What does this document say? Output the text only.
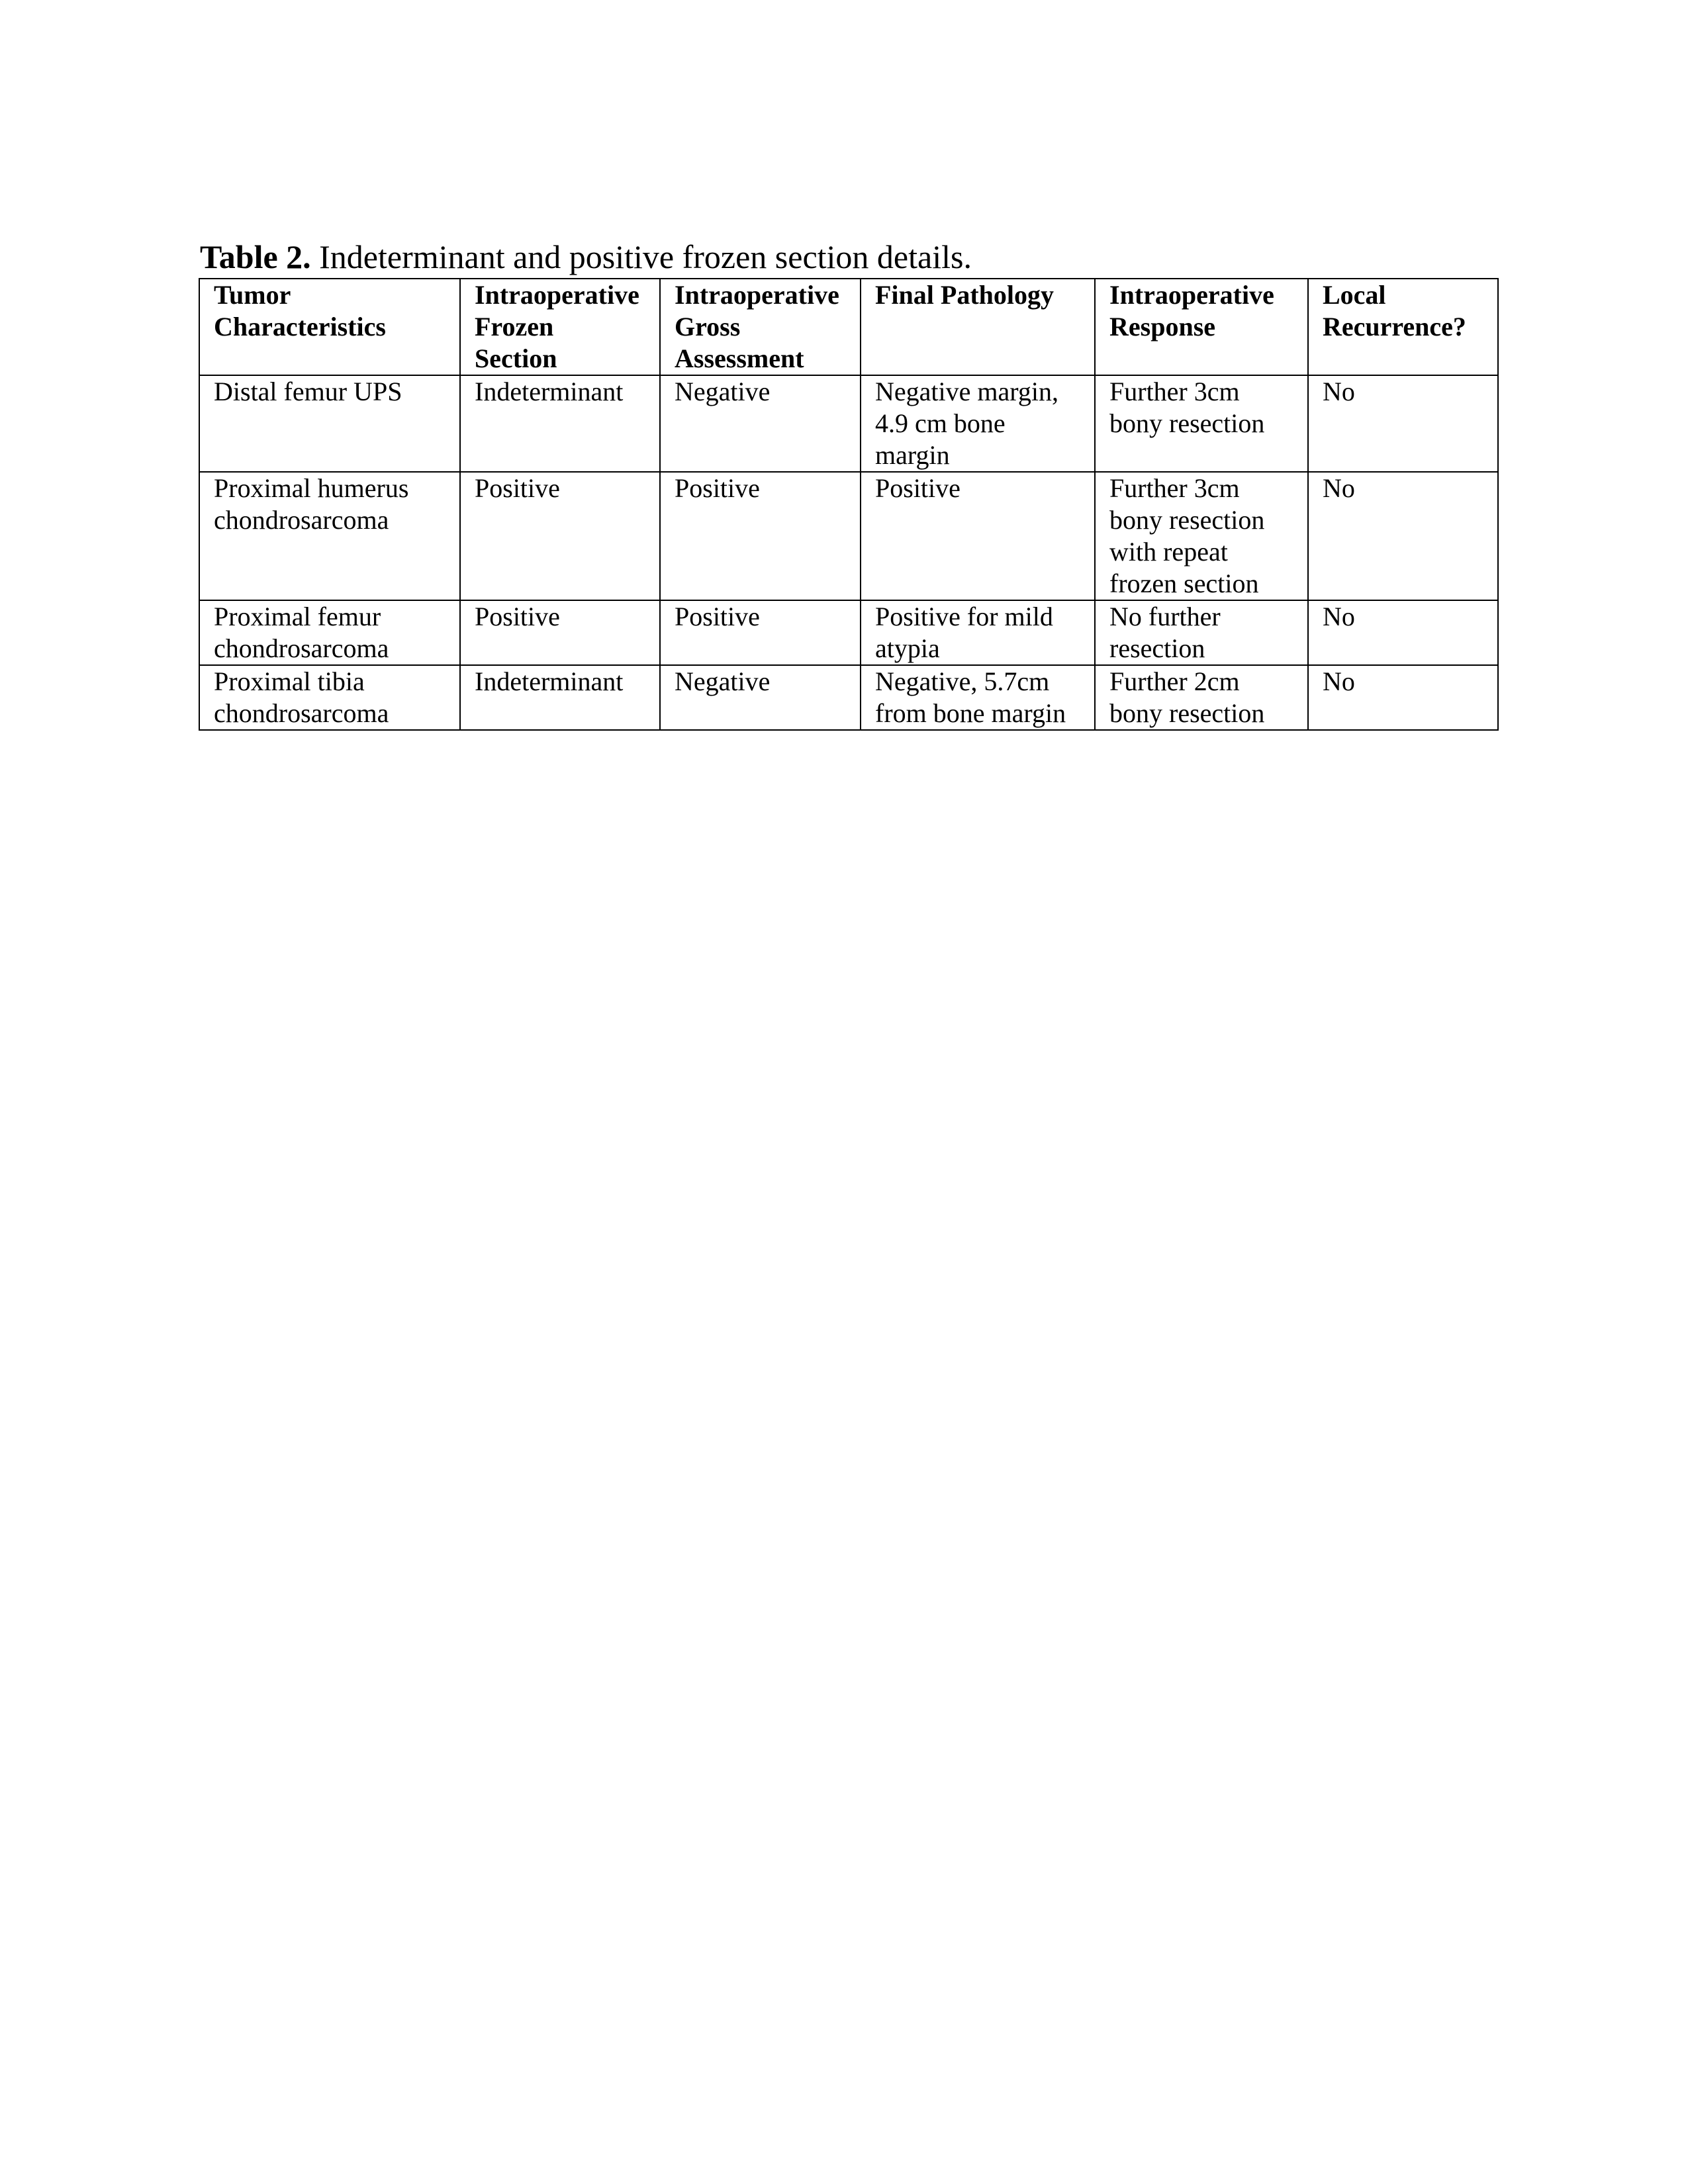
Table 2. Indeterminant and positive frozen section details.
Tumor
Characteristics	Intraoperative
Frozen
Section	Intraoperative
Gross
Assessment	Final Pathology	Intraoperative
Response	Local
Recurrence?

Distal femur UPS	Indeterminant	Negative	Negative margin,
4.9 cm bone
margin	Further 3cm
bony resection	No

Proximal humerus
chondrosarcoma	Positive	Positive	Positive	Further 3cm
bony resection
with repeat
frozen section	No

Proximal femur
chondrosarcoma	Positive	Positive	Positive for mild
atypia	No further
resection	No

Proximal tibia
chondrosarcoma	Indeterminant	Negative	Negative, 5.7cm
from bone margin	Further 2cm
bony resection	No
